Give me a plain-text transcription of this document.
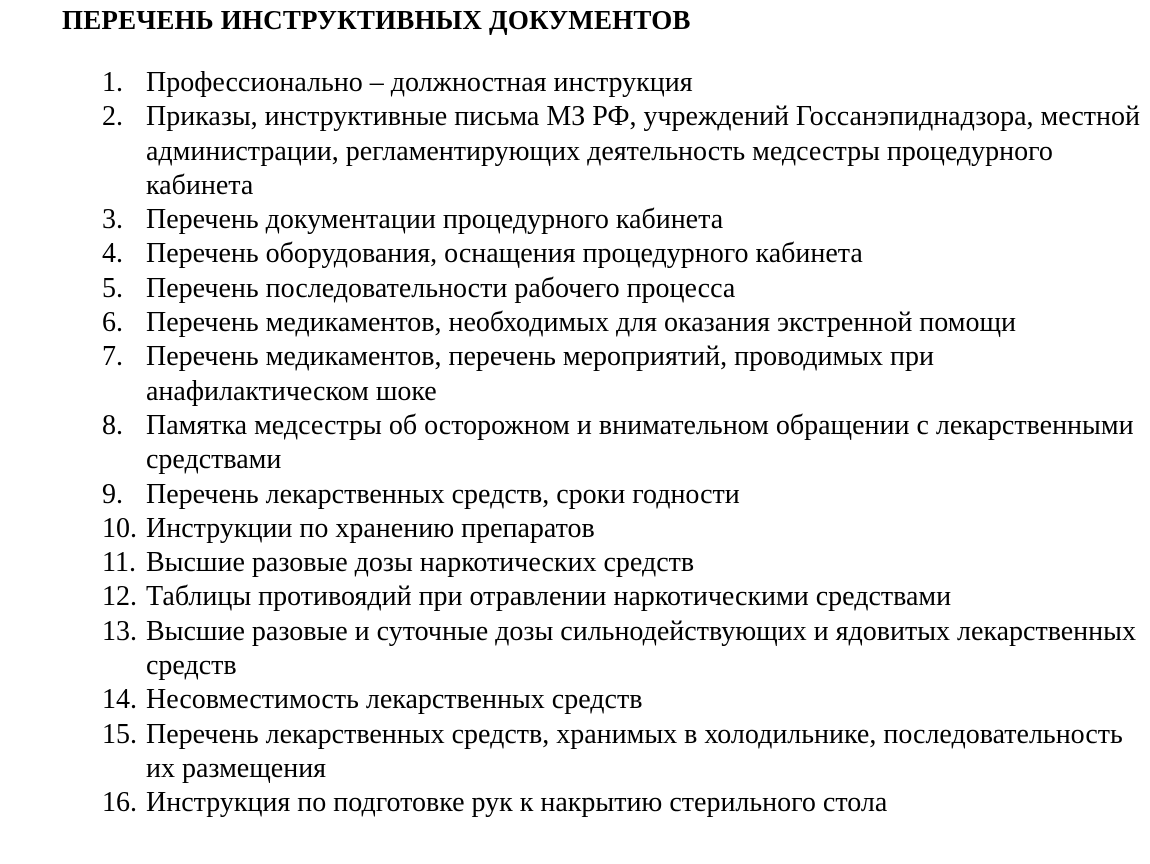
ПЕРЕЧЕНЬ ИНСТРУКТИВНЫХ ДОКУМЕНТОВ
1. Профессионально – должностная инструкция
2. Приказы, инструктивные письма МЗ РФ, учреждений Госсанэпиднадзора, местной администрации, регламентирующих деятельность медсестры процедурного кабинета
3. Перечень документации процедурного кабинета
4. Перечень оборудования, оснащения процедурного кабинета
5. Перечень последовательности рабочего процесса
6. Перечень медикаментов, необходимых для оказания экстренной помощи
7. Перечень медикаментов, перечень мероприятий, проводимых при анафилактическом шоке
8. Памятка медсестры об осторожном и внимательном обращении с лекарственными средствами
9. Перечень лекарственных средств, сроки годности
10. Инструкции по хранению препаратов
11. Высшие разовые дозы наркотических средств
12. Таблицы противоядий при отравлении наркотическими средствами
13. Высшие разовые и суточные дозы сильнодействующих и ядовитых лекарственных средств
14. Несовместимость лекарственных средств
15. Перечень лекарственных средств, хранимых в холодильнике, последовательность их размещения
16. Инструкция по подготовке рук к накрытию стерильного стола
